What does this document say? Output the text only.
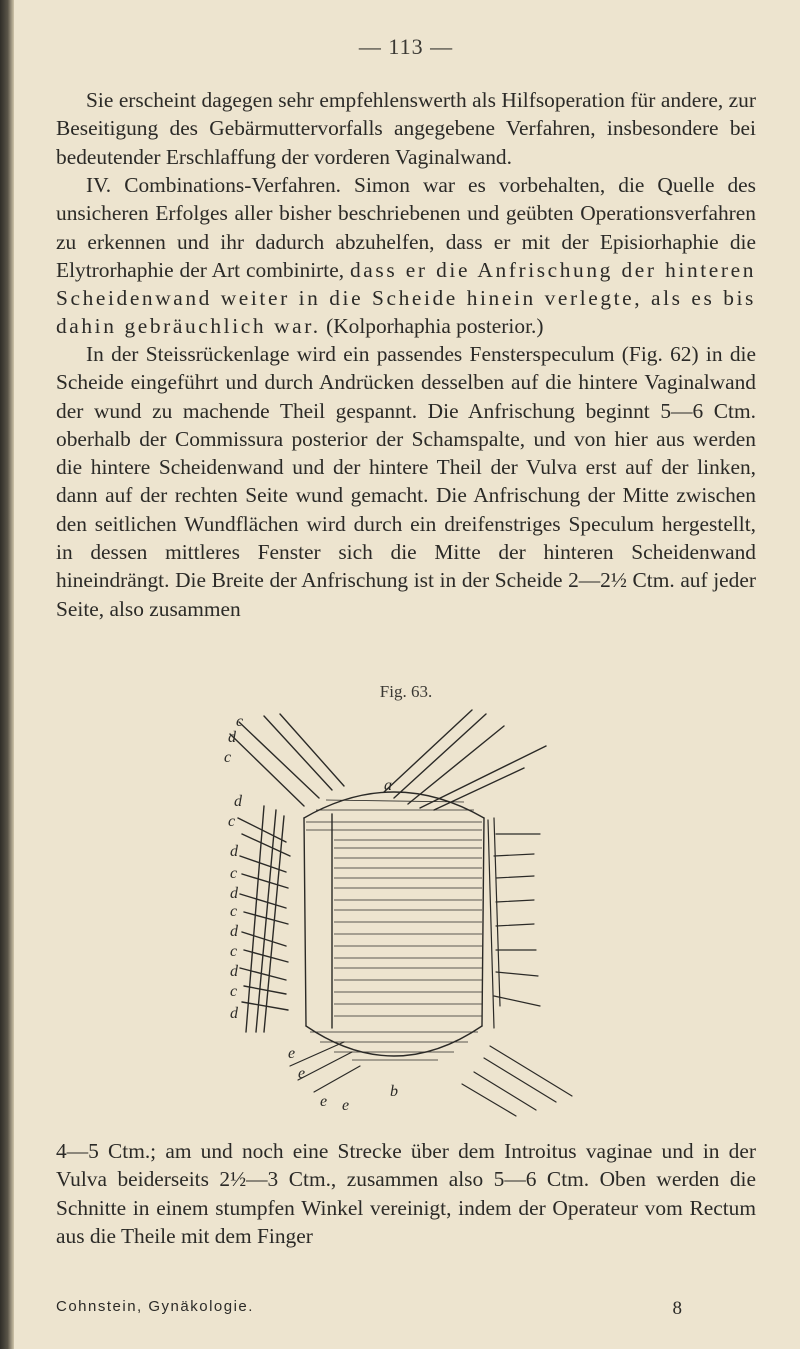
— 113 —

Sie erscheint dagegen sehr empfehlenswerth als Hilfsoperation für andere, zur Beseitigung des Gebärmuttervorfalls angegebene Verfahren, insbesondere bei bedeutender Erschlaffung der vorderen Vaginalwand.

IV. Combinations-Verfahren. Simon war es vorbehalten, die Quelle des unsicheren Erfolges aller bisher beschriebenen und geübten Operationsverfahren zu erkennen und ihr dadurch abzuhelfen, dass er mit der Episiorhaphie die Elytrorhaphie der Art combinirte, dass er die Anfrischung der hinteren Scheidenwand weiter in die Scheide hinein verlegte, als es bis dahin gebräuchlich war. (Kolporhaphia posterior.)

In der Steissrückenlage wird ein passendes Fensterspeculum (Fig. 62) in die Scheide eingeführt und durch Andrücken desselben auf die hintere Vaginalwand der wund zu machende Theil gespannt. Die Anfrischung beginnt 5—6 Ctm. oberhalb der Commissura posterior der Schamspalte, und von hier aus werden die hintere Scheidenwand und der hintere Theil der Vulva erst auf der linken, dann auf der rechten Seite wund gemacht. Die Anfrischung der Mitte zwischen den seitlichen Wundflächen wird durch ein dreifenstriges Speculum hergestellt, in dessen mittleres Fenster sich die Mitte der hinteren Scheidenwand hineindrängt. Die Breite der Anfrischung ist in der Scheide 2—2½ Ctm. auf jeder Seite, also zusammen

Fig. 63.
c
d
c
d
c
d
c
d
c
d
c
d
c
d
a
b
e
e
e e

4—5 Ctm.; am und noch eine Strecke über dem Introitus vaginae und in der Vulva beiderseits 2½—3 Ctm., zusammen also 5—6 Ctm. Oben werden die Schnitte in einem stumpfen Winkel vereinigt, indem der Operateur vom Rectum aus die Theile mit dem Finger

Cohnstein, Gynäkologie.	8
